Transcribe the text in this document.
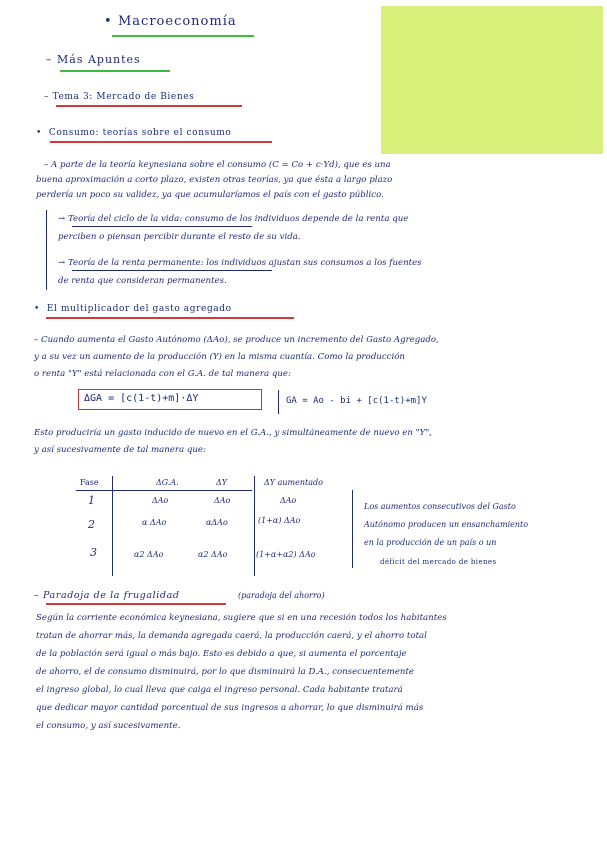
• Macroeconomía
– Más Apuntes
– Tema 3: Mercado de Bienes
•  Consumo: teorías sobre el consumo
– A parte de la teoría keynesiana sobre el consumo (C = Co + c·Yd), que es una
buena aproximación a corto plazo, existen otras teorías, ya que ésta a largo plazo
perdería un poco su validez, ya que acumularíamos el país con el gasto público.
→ Teoría del ciclo de la vida: consumo de los individuos depende de la renta que
perciben o piensan percibir durante el resto de su vida.
→ Teoría de la renta permanente: los individuos ajustan sus consumos a los fuentes
de renta que consideran permanentes.
•  El multiplicador del gasto agregado
– Cuando aumenta el Gasto Autónomo (ΔAo), se produce un incremento del Gasto Agregado,
y a su vez un aumento de la producción (Y) en la misma cuantía. Como la producción
o renta "Y" está relacionada con el G.A. de tal manera que:
ΔGA = [c(1-t)+m]·ΔY	GA = Ao - bi + [c(1-t)+m]Y
Esto produciría un gasto inducido de nuevo en el G.A., y simultáneamente de nuevo en "Y",
y así sucesivamente de tal manera que:
Fase	ΔG.A.	ΔY	ΔY aumentado
1	ΔAo	ΔAo	ΔAo
2	α ΔAo	αΔAo	(1+α) ΔAo
3	α2 ΔAo	α2 ΔAo	(1+α+α2) ΔAo
Los aumentos consecutivos del Gasto
Autónomo producen un ensanchamiento
en la producción de un país o un
déficit del mercado de bienes
– Paradoja de la frugalidad	(paradoja del ahorro)
Según la corriente económica keynesiana, sugiere que si en una recesión todos los habitantes
tratan de ahorrar más, la demanda agregada caerá, la producción caerá, y el ahorro total
de la población será igual o más bajo. Esto es debido a que, si aumenta el porcentaje
de ahorro, el de consumo disminuirá, por lo que disminuirá la D.A., consecuentemente
el ingreso global, lo cual lleva que caiga el ingreso personal. Cada habitante tratará
que dedicar mayor cantidad porcentual de sus ingresos a ahorrar, lo que disminuirá más
el consumo, y así sucesivamente.
